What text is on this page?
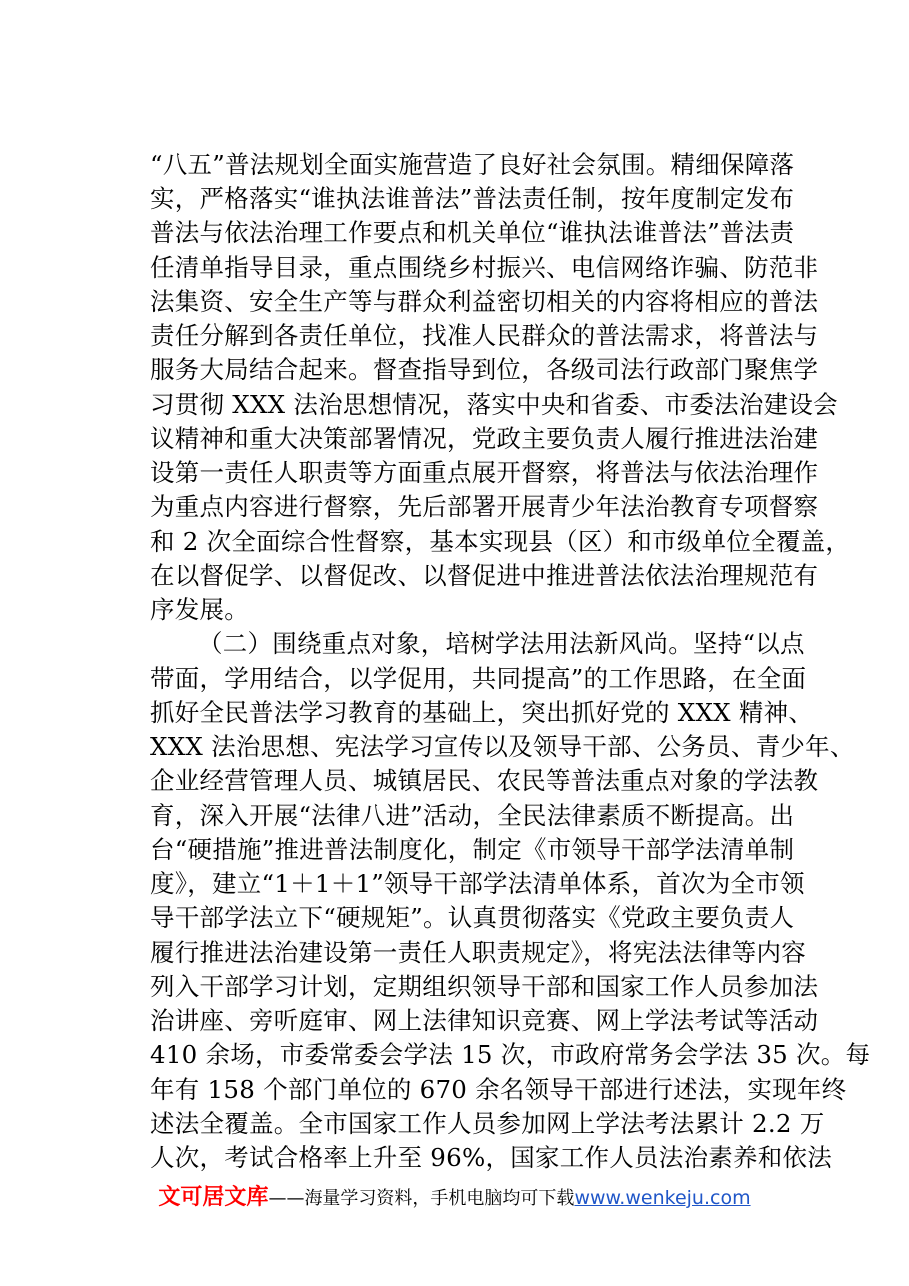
“八五”普法规划全面实施营造了良好社会氛围。精细保障落
实，严格落实“谁执法谁普法”普法责任制，按年度制定发布
普法与依法治理工作要点和机关单位“谁执法谁普法”普法责
任清单指导目录，重点围绕乡村振兴、电信网络诈骗、防范非
法集资、安全生产等与群众利益密切相关的内容将相应的普法
责任分解到各责任单位，找准人民群众的普法需求，将普法与
服务大局结合起来。督查指导到位，各级司法行政部门聚焦学
习贯彻 XXX 法治思想情况，落实中央和省委、市委法治建设会
议精神和重大决策部署情况，党政主要负责人履行推进法治建
设第一责任人职责等方面重点展开督察，将普法与依法治理作
为重点内容进行督察，先后部署开展青少年法治教育专项督察
和 2 次全面综合性督察，基本实现县（区）和市级单位全覆盖，
在以督促学、以督促改、以督促进中推进普法依法治理规范有
序发展。
（二）围绕重点对象，培树学法用法新风尚。坚持“以点
带面，学用结合，以学促用，共同提高”的工作思路，在全面
抓好全民普法学习教育的基础上，突出抓好党的 XXX 精神、
XXX 法治思想、宪法学习宣传以及领导干部、公务员、青少年、
企业经营管理人员、城镇居民、农民等普法重点对象的学法教
育，深入开展“法律八进”活动，全民法律素质不断提高。出
台“硬措施”推进普法制度化，制定《市领导干部学法清单制
度》，建立“1＋1＋1”领导干部学法清单体系，首次为全市领
导干部学法立下“硬规矩”。认真贯彻落实《党政主要负责人
履行推进法治建设第一责任人职责规定》，将宪法法律等内容
列入干部学习计划，定期组织领导干部和国家工作人员参加法
治讲座、旁听庭审、网上法律知识竞赛、网上学法考试等活动
410 余场，市委常委会学法 15 次，市政府常务会学法 35 次。每
年有 158 个部门单位的 670 余名领导干部进行述法，实现年终
述法全覆盖。全市国家工作人员参加网上学法考法累计 2.2 万
人次，考试合格率上升至 96%，国家工作人员法治素养和依法
文可居文库——海量学习资料，手机电脑均可下载www.wenkeju.com
